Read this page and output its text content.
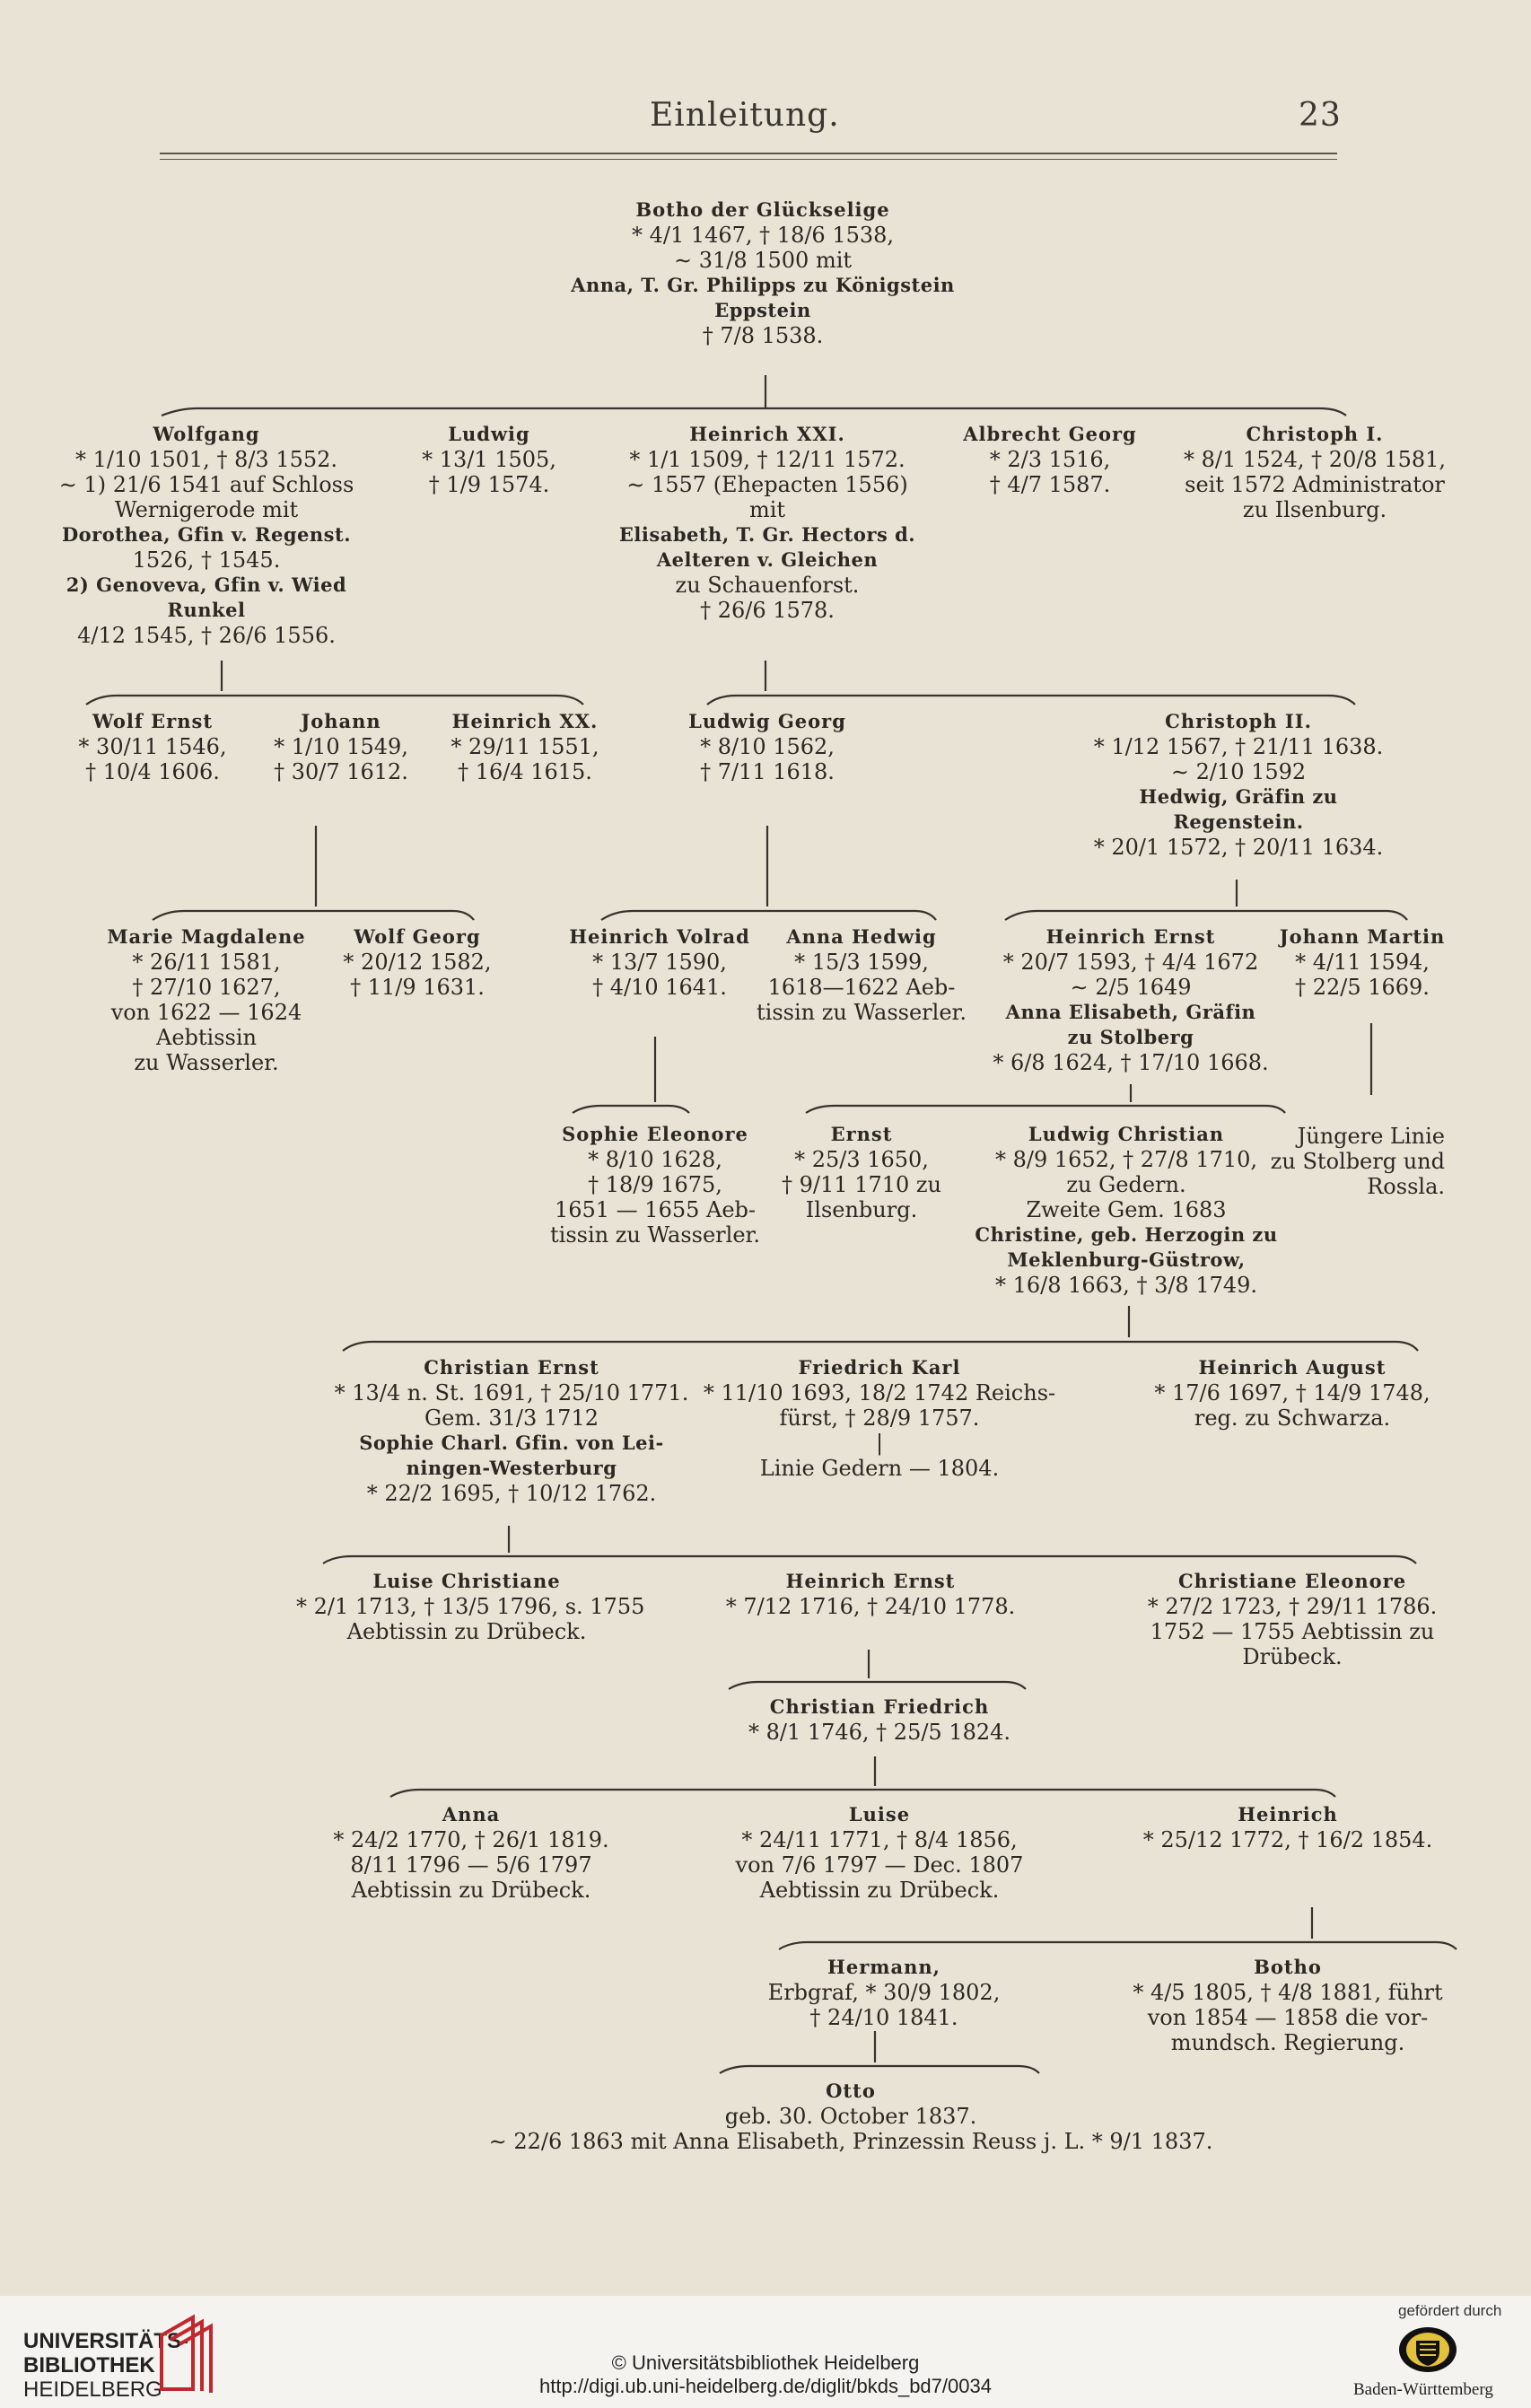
Einleitung.	23
Botho der Glückselige
* 4/1 1467, † 18/6 1538,
∼ 31/8 1500 mit
Anna, T. Gr. Philipps zu Königstein
Eppstein
† 7/8 1538.
Wolfgang
* 1/10 1501, † 8/3 1552.
∼ 1) 21/6 1541 auf Schloss
Wernigerode mit
Dorothea, Gfin v. Regenst.
1526, † 1545.
2) Genoveva, Gfin v. Wied
Runkel
4/12 1545, † 26/6 1556.
Ludwig
* 13/1 1505,
† 1/9 1574.
Heinrich XXI.
* 1/1 1509, † 12/11 1572.
∼ 1557 (Ehepacten 1556)
mit
Elisabeth, T. Gr. Hectors d.
Aelteren v. Gleichen
zu Schauenforst.
† 26/6 1578.
Albrecht Georg
* 2/3 1516,
† 4/7 1587.
Christoph I.
* 8/1 1524, † 20/8 1581,
seit 1572 Administrator
zu Ilsenburg.
Wolf Ernst
* 30/11 1546,
† 10/4 1606.
Johann
* 1/10 1549,
† 30/7 1612.
Heinrich XX.
* 29/11 1551,
† 16/4 1615.
Ludwig Georg
* 8/10 1562,
† 7/11 1618.
Christoph II.
* 1/12 1567, † 21/11 1638.
∼ 2/10 1592
Hedwig, Gräfin zu
Regenstein.
* 20/1 1572, † 20/11 1634.
Marie Magdalene
* 26/11 1581,
† 27/10 1627,
von 1622 — 1624
Aebtissin
zu Wasserler.
Wolf Georg
* 20/12 1582,
† 11/9 1631.
Heinrich Volrad
* 13/7 1590,
† 4/10 1641.
Anna Hedwig
* 15/3 1599,
1618—1622 Aeb-
tissin zu Wasserler.
Heinrich Ernst
* 20/7 1593, † 4/4 1672
∼ 2/5 1649
Anna Elisabeth, Gräfin
zu Stolberg
* 6/8 1624, † 17/10 1668.
Johann Martin
* 4/11 1594,
† 22/5 1669.
Sophie Eleonore
* 8/10 1628,
† 18/9 1675,
1651 — 1655 Aeb-
tissin zu Wasserler.
Ernst
* 25/3 1650,
† 9/11 1710 zu
Ilsenburg.
Ludwig Christian
* 8/9 1652, † 27/8 1710,
zu Gedern.
Zweite Gem. 1683
Christine, geb. Herzogin zu
Meklenburg-Güstrow,
* 16/8 1663, † 3/8 1749.
Jüngere Linie
zu Stolberg und
Rossla.
Christian Ernst
* 13/4 n. St. 1691, † 25/10 1771.
Gem. 31/3 1712
Sophie Charl. Gfin. von Lei-
ningen-Westerburg
* 22/2 1695, † 10/12 1762.
Friedrich Karl
* 11/10 1693, 18/2 1742 Reichs-
fürst, † 28/9 1757.
|
Linie Gedern — 1804.
Heinrich August
* 17/6 1697, † 14/9 1748,
reg. zu Schwarza.
Luise Christiane
* 2/1 1713, † 13/5 1796, s. 1755
Aebtissin zu Drübeck.
Heinrich Ernst
* 7/12 1716, † 24/10 1778.
Christiane Eleonore
* 27/2 1723, † 29/11 1786.
1752 — 1755 Aebtissin zu
Drübeck.
Christian Friedrich
* 8/1 1746, † 25/5 1824.
Anna
* 24/2 1770, † 26/1 1819.
8/11 1796 — 5/6 1797
Aebtissin zu Drübeck.
Luise
* 24/11 1771, † 8/4 1856,
von 7/6 1797 — Dec. 1807
Aebtissin zu Drübeck.
Heinrich
* 25/12 1772, † 16/2 1854.
Hermann,
Erbgraf, * 30/9 1802,
† 24/10 1841.
Botho
* 4/5 1805, † 4/8 1881, führt
von 1854 — 1858 die vor-
mundsch. Regierung.
Otto
geb. 30. October 1837.
∼ 22/6 1863 mit Anna Elisabeth, Prinzessin Reuss j. L. * 9/1 1837.
UNIVERSITÄTS-
BIBLIOTHEK
HEIDELBERG
© Universitätsbibliothek Heidelberg
http://digi.ub.uni-heidelberg.de/diglit/bkds_bd7/0034
gefördert durch
Baden-Württemberg
